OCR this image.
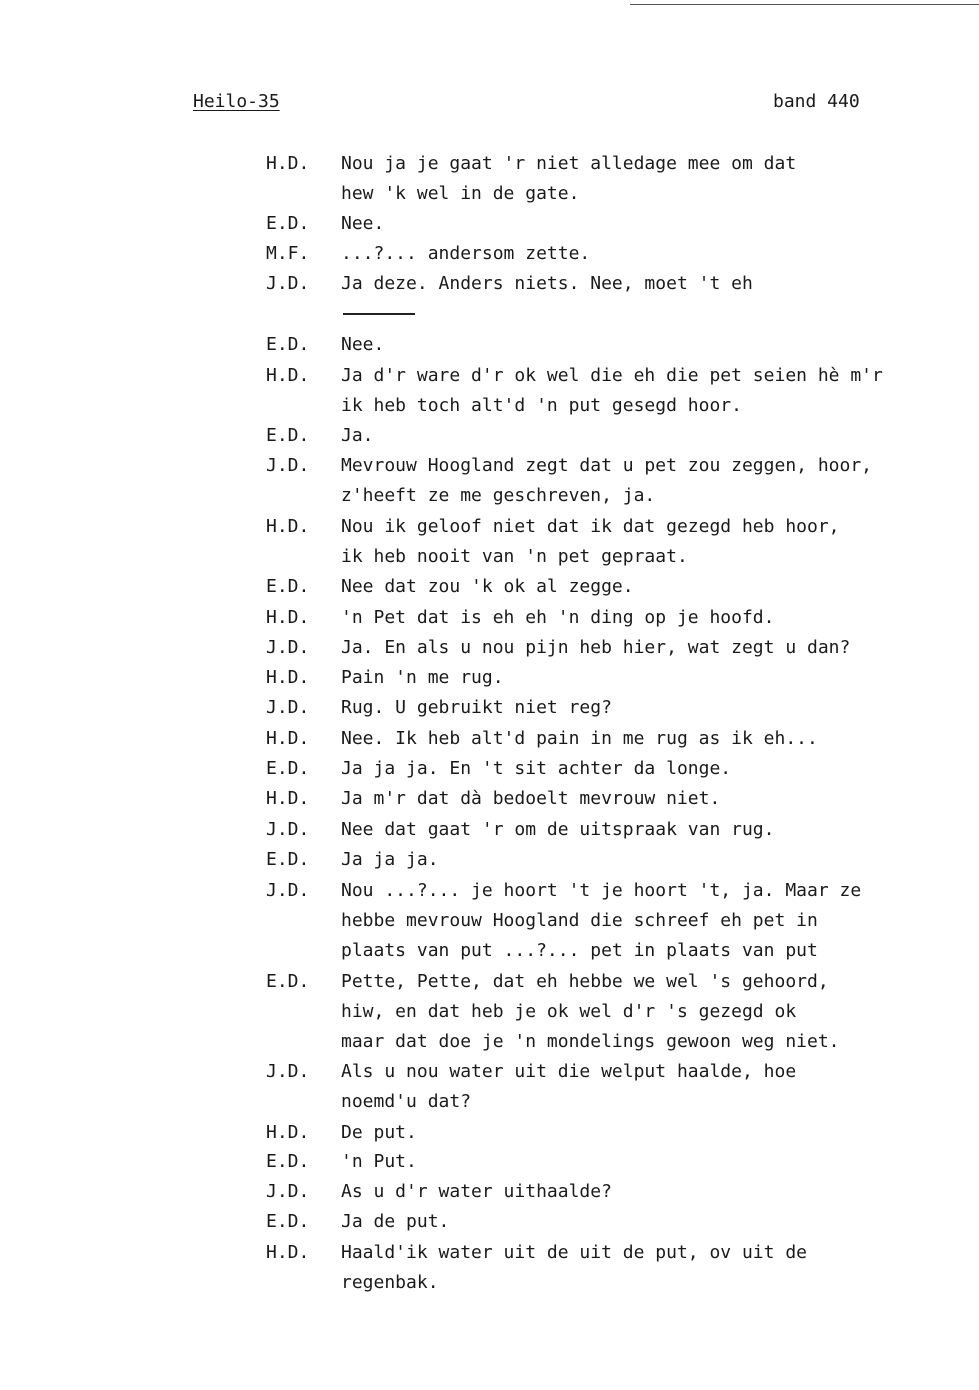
Heilo-35	band 440
H.D. Nou ja je gaat 'r niet alledage mee om dat
hew 'k wel in de gate.
E.D. Nee.
M.F. ...?... andersom zette.
J.D. Ja deze. Anders niets. Nee, moet 't eh
E.D. Nee.
H.D. Ja d'r ware d'r ok wel die eh die pet seien hè m'r
ik heb toch alt'd 'n put gesegd hoor.
E.D. Ja.
J.D. Mevrouw Hoogland zegt dat u pet zou zeggen, hoor,
z'heeft ze me geschreven, ja.
H.D. Nou ik geloof niet dat ik dat gezegd heb hoor,
ik heb nooit van 'n pet gepraat.
E.D. Nee dat zou 'k ok al zegge.
H.D. 'n Pet dat is eh eh 'n ding op je hoofd.
J.D. Ja. En als u nou pijn heb hier, wat zegt u dan?
H.D. Pain 'n me rug.
J.D. Rug. U gebruikt niet reg?
H.D. Nee. Ik heb alt'd pain in me rug as ik eh...
E.D. Ja ja ja. En 't sit achter da longe.
H.D. Ja m'r dat dà bedoelt mevrouw niet.
J.D. Nee dat gaat 'r om de uitspraak van rug.
E.D. Ja ja ja.
J.D. Nou ...?... je hoort 't je hoort 't, ja. Maar ze
hebbe mevrouw Hoogland die schreef eh pet in
plaats van put ...?... pet in plaats van put
E.D. Pette, Pette, dat eh hebbe we wel 's gehoord,
hiw, en dat heb je ok wel d'r 's gezegd ok
maar dat doe je 'n mondelings gewoon weg niet.
J.D. Als u nou water uit die welput haalde, hoe
noemd'u dat?
H.D. De put.
E.D. 'n Put.
J.D. As u d'r water uithaalde?
E.D. Ja de put.
H.D. Haald'ik water uit de uit de put, ov uit de
regenbak.
